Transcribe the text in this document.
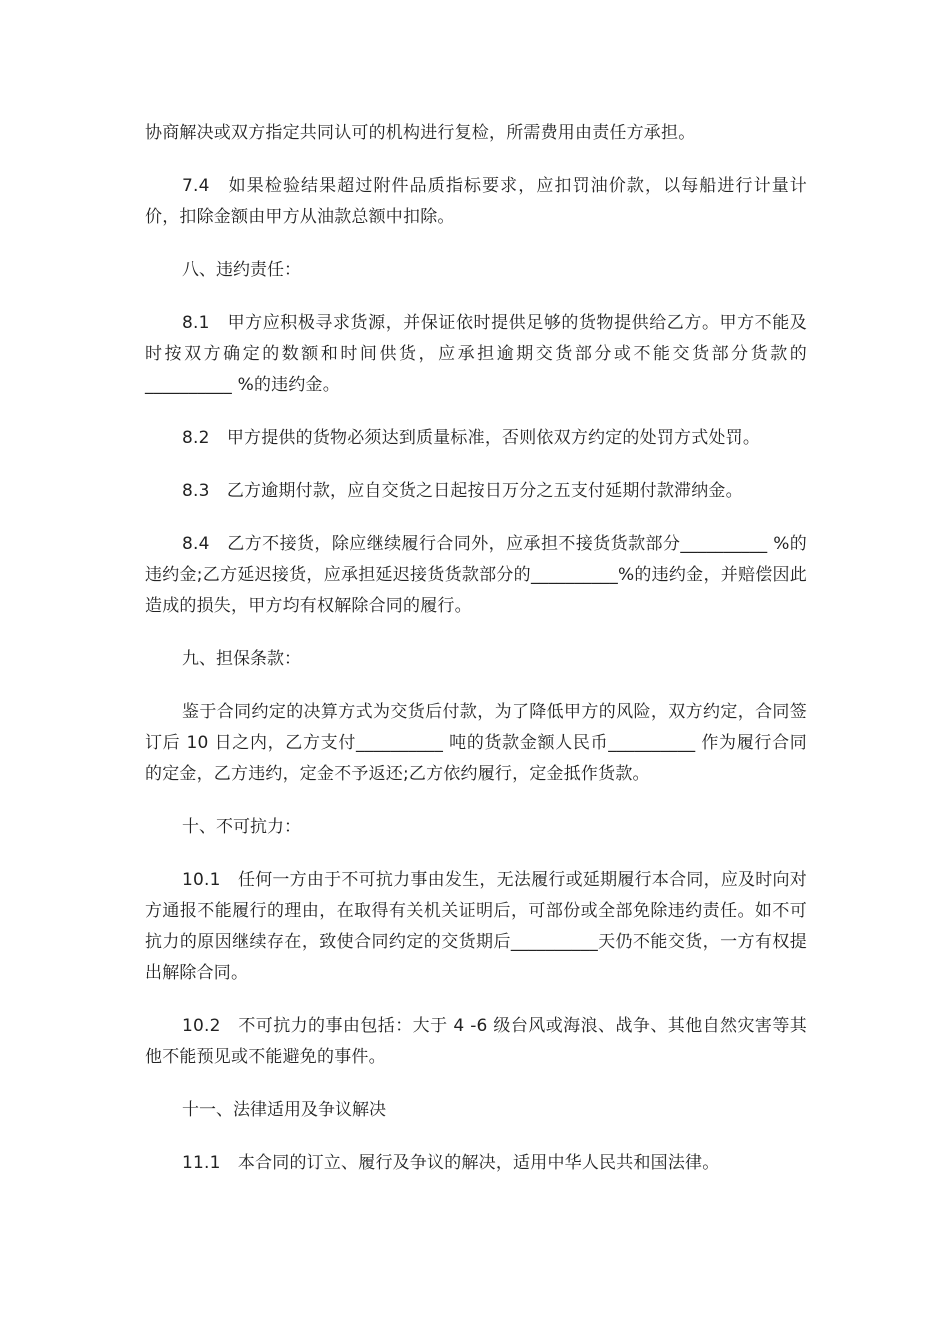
协商解决或双方指定共同认可的机构进行复检，所需费用由责任方承担。

7.4　如果检验结果超过附件品质指标要求，应扣罚油价款，以每船进行计量计价，扣除金额由甲方从油款总额中扣除。

八、违约责任：

8.1　甲方应积极寻求货源，并保证依时提供足够的货物提供给乙方。甲方不能及时按双方确定的数额和时间供货，应承担逾期交货部分或不能交货部分货款的__________ %的违约金。

8.2　甲方提供的货物必须达到质量标准，否则依双方约定的处罚方式处罚。

8.3　乙方逾期付款，应自交货之日起按日万分之五支付延期付款滞纳金。

8.4　乙方不接货，除应继续履行合同外，应承担不接货货款部分__________ %的违约金;乙方延迟接货，应承担延迟接货货款部分的__________%的违约金，并赔偿因此造成的损失，甲方均有权解除合同的履行。

九、担保条款：

鉴于合同约定的决算方式为交货后付款，为了降低甲方的风险，双方约定，合同签订后 10 日之内，乙方支付__________ 吨的货款金额人民币__________ 作为履行合同的定金，乙方违约，定金不予返还;乙方依约履行，定金抵作货款。

十、不可抗力：

10.1　任何一方由于不可抗力事由发生，无法履行或延期履行本合同，应及时向对方通报不能履行的理由，在取得有关机关证明后，可部份或全部免除违约责任。如不可抗力的原因继续存在，致使合同约定的交货期后__________天仍不能交货，一方有权提出解除合同。

10.2　不可抗力的事由包括：大于 4 -6 级台风或海浪、战争、其他自然灾害等其他不能预见或不能避免的事件。

十一、法律适用及争议解决

11.1　本合同的订立、履行及争议的解决，适用中华人民共和国法律。
